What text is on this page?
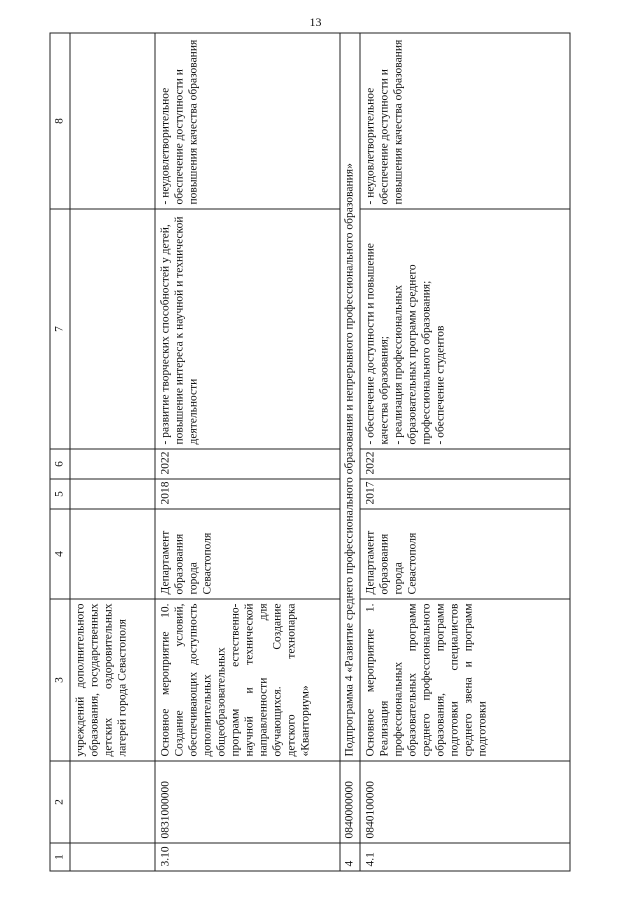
13
1	2	3	4	5	6	7	8
		учреждений дополнительного образования, государственных детских оздоровительных лагерей города Севастополя					
3.10	0831000000	Основное мероприятие 10. Создание условий, обеспечивающих доступность дополнительных общеобразовательных программ естественно-научной и технической направленности для обучающихся. Создание детского технопарка «Кванториум»	Департамент образования города Севастополя	2018	2022	- развитие творческих способностей у детей, повышение интереса к научной и технической деятельности	- неудовлетворительное обеспечение доступности и повышения качества образования
4	0840000000	Подпрограмма 4 «Развитие среднего профессионального образования и непрерывного профессионального образования»					
4.1	0840100000	Основное мероприятие 1. Реализация профессиональных образовательных программ среднего профессионального образования, программ подготовки специалистов среднего звена и программ подготовки	Департамент образования города Севастополя	2017	2022	- обеспечение доступности и повышение качества образования; - реализация профессиональных образовательных программ среднего профессионального образования; - обеспечение студентов	- неудовлетворительное обеспечение доступности и повышения качества образования
